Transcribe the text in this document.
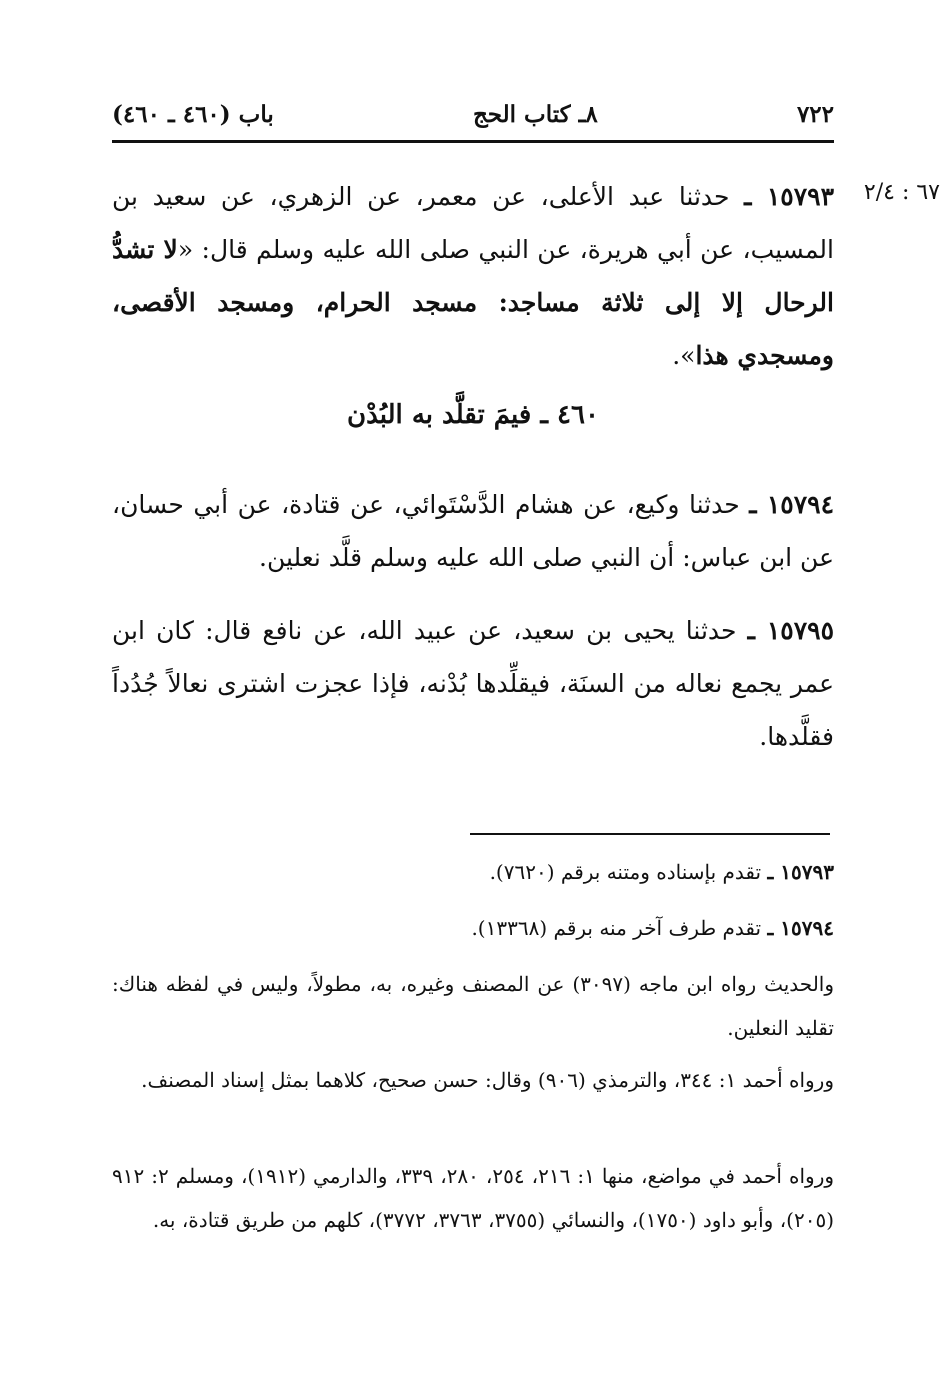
٧٢٢
٨ـ كتاب الحج
باب (٤٦٠ ـ ٤٦٠)
٦٧ : ٢/٤

١٥٧٩٣ ـ حدثنا عبد الأعلى، عن معمر، عن الزهري، عن سعيد بن المسيب، عن أبي هريرة، عن النبي صلى الله عليه وسلم قال: «لا تشدُّ الرحال إلا إلى ثلاثة مساجد: مسجد الحرام، ومسجد الأقصى، ومسجدي هذا».

٤٦٠ ـ فيمَ تقلَّد به البُدْن

١٥٧٩٤ ـ حدثنا وكيع، عن هشام الدَّسْتَوائي، عن قتادة، عن أبي حسان، عن ابن عباس: أن النبي صلى الله عليه وسلم قلَّد نعلين.

١٥٧٩٥ ـ حدثنا يحيى بن سعيد، عن عبيد الله، عن نافع قال: كان ابن عمر يجمع نعاله من السنَة، فيقلِّدها بُدْنه، فإذا عجزت اشترى نعالاً جُدُداً فقلَّدها.

١٥٧٩٣ ـ تقدم بإسناده ومتنه برقم (٧٦٢٠).

١٥٧٩٤ ـ تقدم طرف آخر منه برقم (١٣٣٦٨).

والحديث رواه ابن ماجه (٣٠٩٧) عن المصنف وغيره، به، مطولاً، وليس في لفظه هناك: تقليد النعلين.

ورواه أحمد ١: ٣٤٤، والترمذي (٩٠٦) وقال: حسن صحيح، كلاهما بمثل إسناد المصنف.

ورواه أحمد في مواضع، منها ١: ٢١٦، ٢٥٤، ٢٨٠، ٣٣٩، والدارمي (١٩١٢)، ومسلم ٢: ٩١٢ (٢٠٥)، وأبو داود (١٧٥٠)، والنسائي (٣٧٥٥، ٣٧٦٣، ٣٧٧٢)، كلهم من طريق قتادة، به.
